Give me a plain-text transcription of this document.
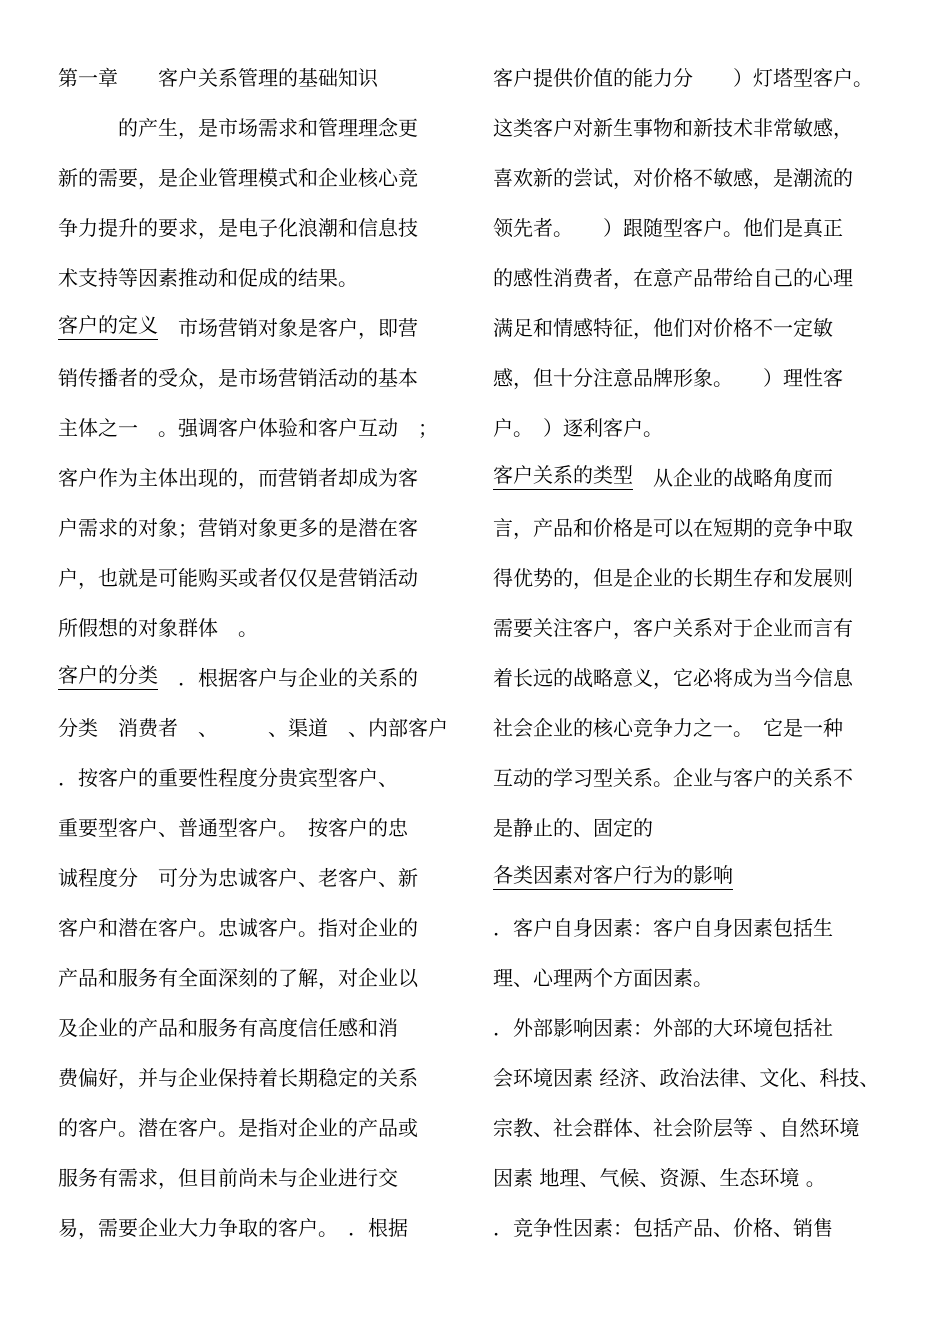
第一章　　客户关系管理的基础知识
　　　的产生，是市场需求和管理理念更
新的需要，是企业管理模式和企业核心竞
争力提升的要求，是电子化浪潮和信息技
术支持等因素推动和促成的结果。
客户的定义　市场营销对象是客户，即营
销传播者的受众，是市场营销活动的基本
主体之一　。强调客户体验和客户互动　；
客户作为主体出现的，而营销者却成为客
户需求的对象；营销对象更多的是潜在客
户，也就是可能购买或者仅仅是营销活动
所假想的对象群体　。
客户的分类　．根据客户与企业的关系的
分类　消费者　、　　　、渠道　、内部客户
．按客户的重要性程度分贵宾型客户、
重要型客户、普通型客户。　按客户的忠
诚程度分　可分为忠诚客户、老客户、新
客户和潜在客户。忠诚客户。指对企业的
产品和服务有全面深刻的了解，对企业以
及企业的产品和服务有高度信任感和消
费偏好，并与企业保持着长期稳定的关系
的客户。潜在客户。是指对企业的产品或
服务有需求，但目前尚未与企业进行交
易，需要企业大力争取的客户。　．根据
客户提供价值的能力分　　）灯塔型客户。
这类客户对新生事物和新技术非常敏感，
喜欢新的尝试，对价格不敏感，是潮流的
领先者。　　）跟随型客户。他们是真正
的感性消费者，在意产品带给自己的心理
满足和情感特征，他们对价格不一定敏
感，但十分注意品牌形象。　　）理性客
户。　）逐利客户。
客户关系的类型　从企业的战略角度而
言，产品和价格是可以在短期的竞争中取
得优势的，但是企业的长期生存和发展则
需要关注客户，客户关系对于企业而言有
着长远的战略意义，它必将成为当今信息
社会企业的核心竞争力之一。　它是一种
互动的学习型关系。企业与客户的关系不
是静止的、固定的
各类因素对客户行为的影响
．客户自身因素：客户自身因素包括生
理、心理两个方面因素。
．外部影响因素：外部的大环境包括社
会环境因素 经济、政治法律、文化、科技、
宗教、社会群体、社会阶层等 、自然环境
因素 地理、气候、资源、生态环境 。
．竞争性因素：包括产品、价格、销售
